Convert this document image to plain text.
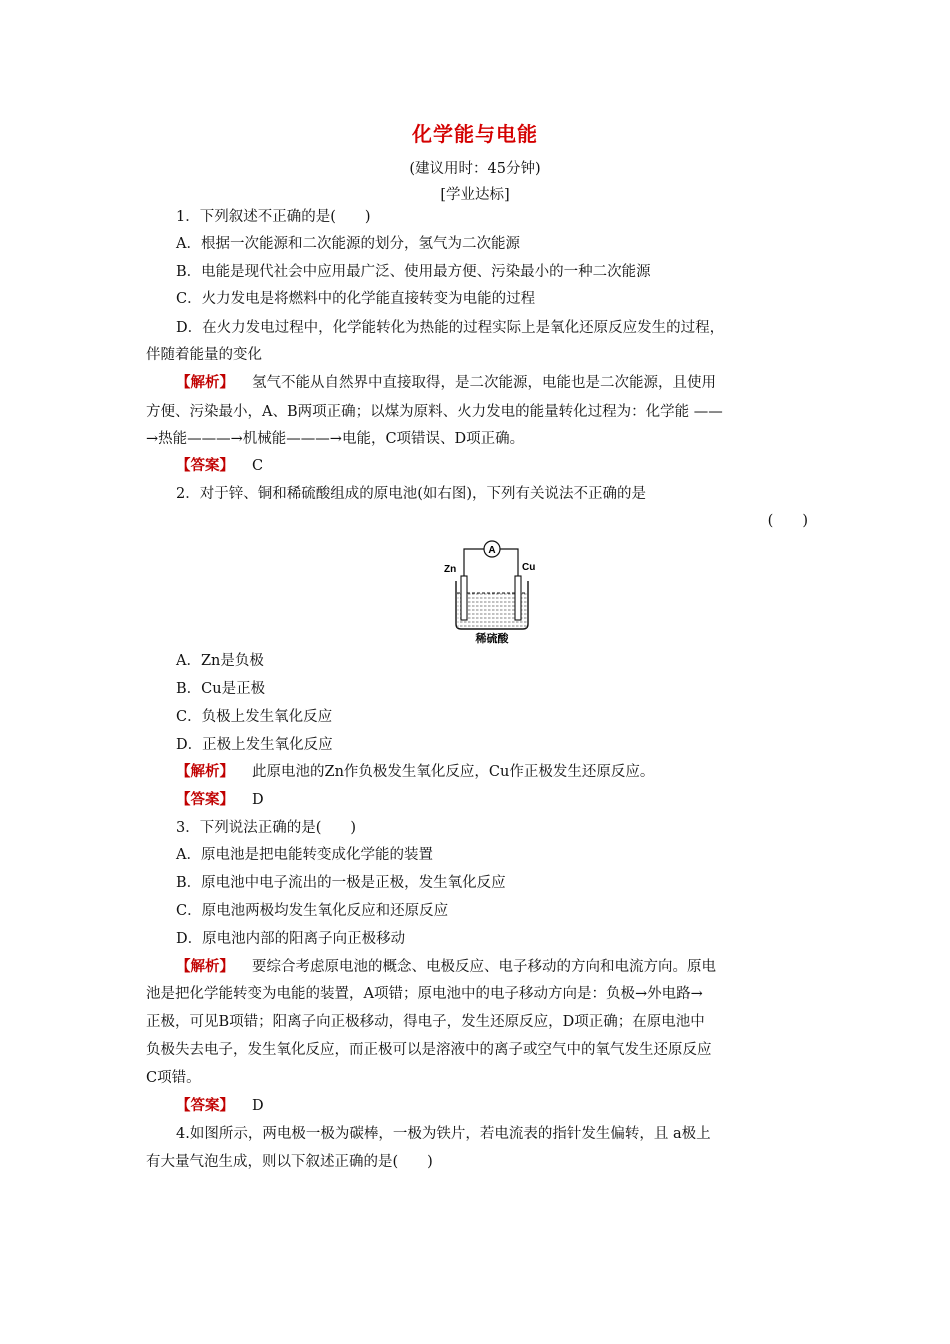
化学能与电能
(建议用时：45分钟)
[学业达标]
1．下列叙述不正确的是(　　)
A．根据一次能源和二次能源的划分，氢气为二次能源
B．电能是现代社会中应用最广泛、使用最方便、污染最小的一种二次能源
C．火力发电是将燃料中的化学能直接转变为电能的过程
D．在火力发电过程中，化学能转化为热能的过程实际上是氧化还原反应发生的过程，
伴随着能量的变化
【解析】 氢气不能从自然界中直接取得，是二次能源，电能也是二次能源，且使用
方便、污染最小，A、B两项正确；以煤为原料、火力发电的能量转化过程为：化学能 ——
→热能———→机械能———→电能，C项错误、D项正确。
【答案】 C
2．对于锌、铜和稀硫酸组成的原电池(如右图)，下列有关说法不正确的是
(　　)
A
Zn	Cu
稀硫酸
A．Zn是负极
B．Cu是正极
C．负极上发生氧化反应
D．正极上发生氧化反应
【解析】 此原电池的Zn作负极发生氧化反应，Cu作正极发生还原反应。
【答案】 D
3．下列说法正确的是(　　)
A．原电池是把电能转变成化学能的装置
B．原电池中电子流出的一极是正极，发生氧化反应
C．原电池两极均发生氧化反应和还原反应
D．原电池内部的阳离子向正极移动
【解析】 要综合考虑原电池的概念、电极反应、电子移动的方向和电流方向。原电
池是把化学能转变为电能的装置，A项错；原电池中的电子移动方向是：负极→外电路→
正极，可见B项错；阳离子向正极移动，得电子，发生还原反应，D项正确；在原电池中
负极失去电子，发生氧化反应，而正极可以是溶液中的离子或空气中的氧气发生还原反应
C项错。
【答案】 D
4.如图所示，两电极一极为碳棒，一极为铁片，若电流表的指针发生偏转，且 a极上
有大量气泡生成，则以下叙述正确的是(　　)
